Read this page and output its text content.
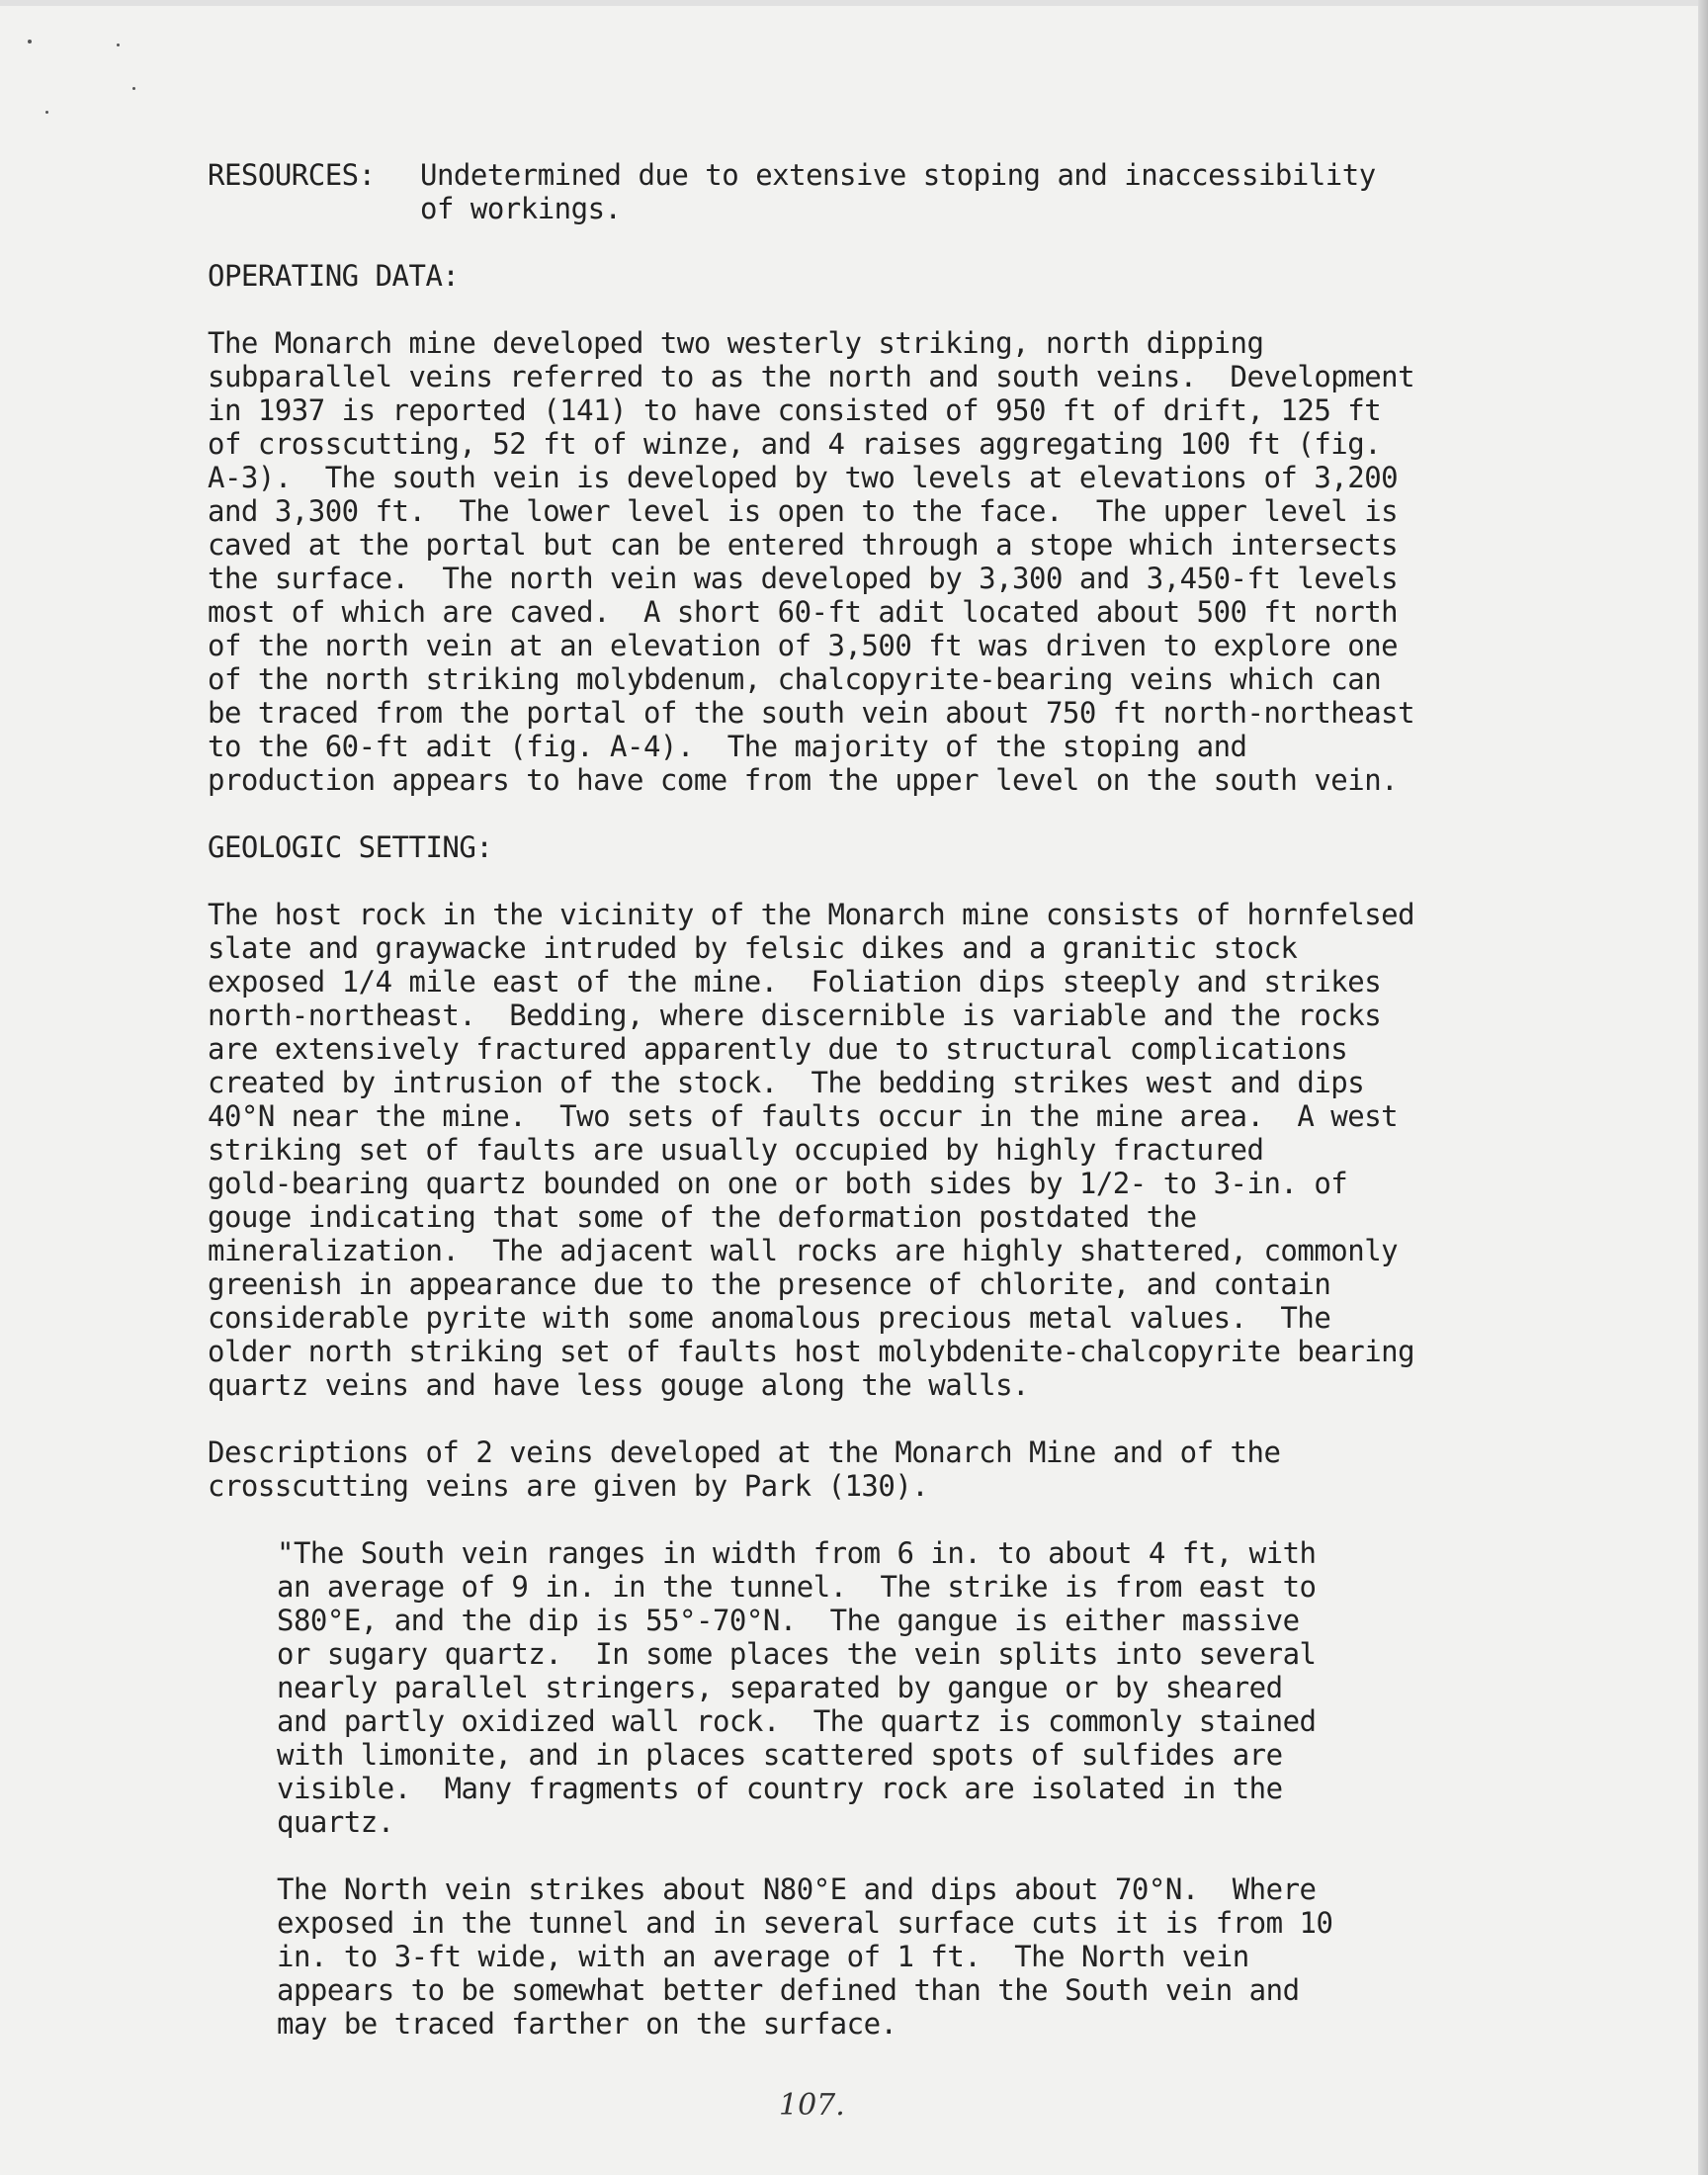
RESOURCES:	Undetermined due to extensive stoping and inaccessibility

of workings.

OPERATING DATA:

The Monarch mine developed two westerly striking, north dipping

subparallel veins referred to as the north and south veins.  Development

in 1937 is reported (141) to have consisted of 950 ft of drift, 125 ft

of crosscutting, 52 ft of winze, and 4 raises aggregating 100 ft (fig.

A-3).  The south vein is developed by two levels at elevations of 3,200

and 3,300 ft.  The lower level is open to the face.  The upper level is

caved at the portal but can be entered through a stope which intersects

the surface.  The north vein was developed by 3,300 and 3,450-ft levels

most of which are caved.  A short 60-ft adit located about 500 ft north

of the north vein at an elevation of 3,500 ft was driven to explore one

of the north striking molybdenum, chalcopyrite-bearing veins which can

be traced from the portal of the south vein about 750 ft north-northeast

to the 60-ft adit (fig. A-4).  The majority of the stoping and

production appears to have come from the upper level on the south vein.

GEOLOGIC SETTING:

The host rock in the vicinity of the Monarch mine consists of hornfelsed

slate and graywacke intruded by felsic dikes and a granitic stock

exposed 1/4 mile east of the mine.  Foliation dips steeply and strikes

north-northeast.  Bedding, where discernible is variable and the rocks

are extensively fractured apparently due to structural complications

created by intrusion of the stock.  The bedding strikes west and dips

40°N near the mine.  Two sets of faults occur in the mine area.  A west

striking set of faults are usually occupied by highly fractured

gold-bearing quartz bounded on one or both sides by 1/2- to 3-in. of

gouge indicating that some of the deformation postdated the

mineralization.  The adjacent wall rocks are highly shattered, commonly

greenish in appearance due to the presence of chlorite, and contain

considerable pyrite with some anomalous precious metal values.  The

older north striking set of faults host molybdenite-chalcopyrite bearing

quartz veins and have less gouge along the walls.

Descriptions of 2 veins developed at the Monarch Mine and of the

crosscutting veins are given by Park (130).

"The South vein ranges in width from 6 in. to about 4 ft, with

an average of 9 in. in the tunnel.  The strike is from east to

S80°E, and the dip is 55°-70°N.  The gangue is either massive

or sugary quartz.  In some places the vein splits into several

nearly parallel stringers, separated by gangue or by sheared

and partly oxidized wall rock.  The quartz is commonly stained

with limonite, and in places scattered spots of sulfides are

visible.  Many fragments of country rock are isolated in the

quartz.

The North vein strikes about N80°E and dips about 70°N.  Where

exposed in the tunnel and in several surface cuts it is from 10

in. to 3-ft wide, with an average of 1 ft.  The North vein

appears to be somewhat better defined than the South vein and

may be traced farther on the surface.

107.
